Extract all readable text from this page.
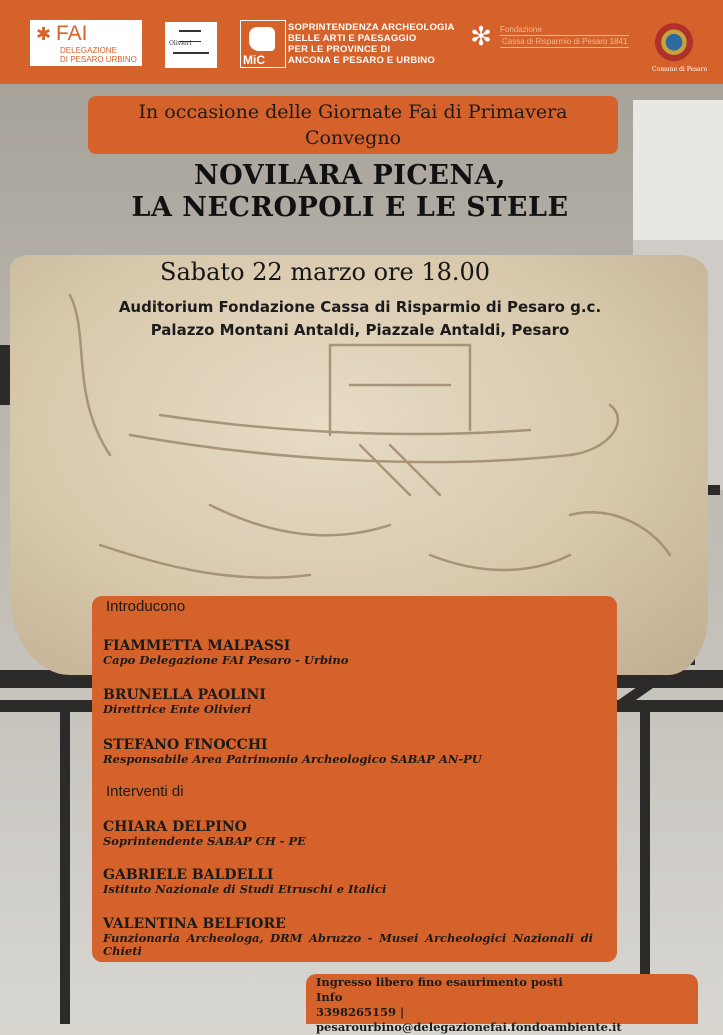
✱ FAI
DELEGAZIONE
DI PESARO URBINO
Olivieri
MiC
SOPRINTENDENZA ARCHEOLOGIA
BELLE ARTI E PAESAGGIO
PER LE PROVINCE DI
ANCONA E PESARO E URBINO
✻	Fondazione
Cassa di Risparmio di Pesaro 1841
Comune di Pesaro
In occasione delle Giornate Fai di Primavera
Convegno
NOVILARA PICENA,
LA NECROPOLI E LE STELE
Sabato 22 marzo ore 18.00
Auditorium Fondazione Cassa di Risparmio di Pesaro g.c.
Palazzo Montani Antaldi, Piazzale Antaldi, Pesaro
Introducono
FIAMMETTA MALPASSI
Capo Delegazione FAI Pesaro - Urbino
BRUNELLA PAOLINI
Direttrice Ente Olivieri
STEFANO FINOCCHI
Responsabile Area Patrimonio Archeologico SABAP AN-PU
Interventi di
CHIARA DELPINO
Soprintendente SABAP CH - PE
GABRIELE BALDELLI
Istituto Nazionale di Studi Etruschi e Italici
VALENTINA BELFIORE
Funzionaria Archeologa, DRM Abruzzo - Musei Archeologici Nazionali di Chieti
Ingresso libero fino esaurimento posti
Info
3398265159 | pesarourbino@delegazionefai.fondoambiente.it
